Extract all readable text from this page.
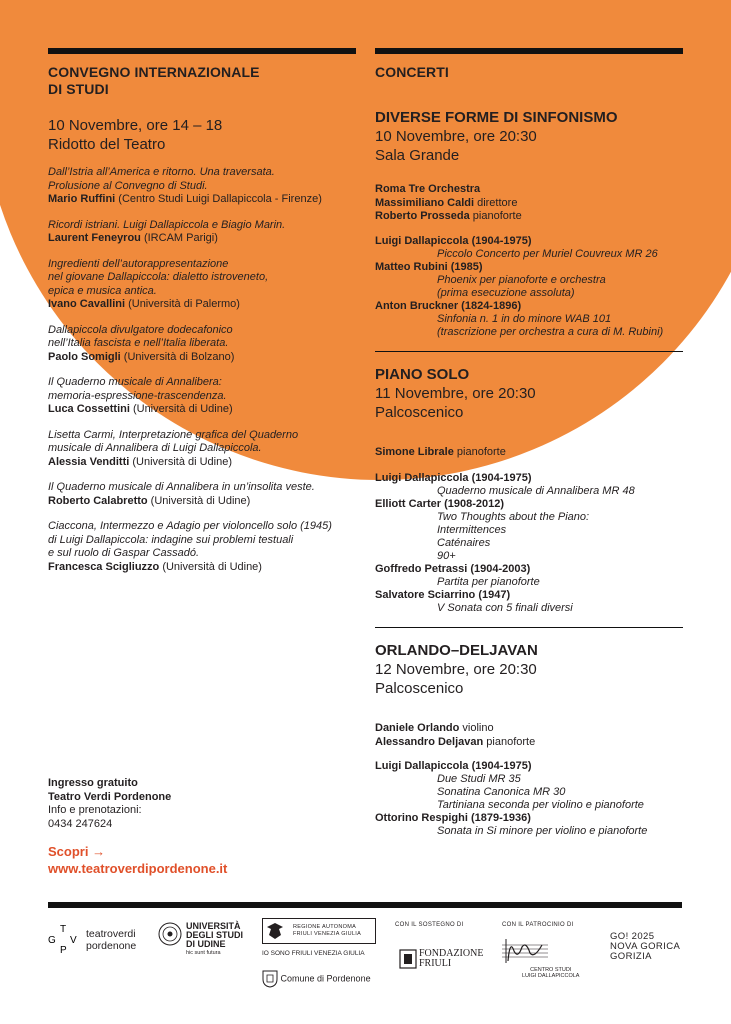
CONVEGNO INTERNAZIONALE
DI STUDI
10 Novembre, ore 14 – 18
Ridotto del Teatro
Dall’Istria all’America e ritorno. Una traversata.
Prolusione al Convegno di Studi.
Mario Ruffini (Centro Studi Luigi Dallapiccola - Firenze)
Ricordi istriani. Luigi Dallapiccola e Biagio Marin.
Laurent Feneyrou (IRCAM Parigi)
Ingredienti dell’autorappresentazione
nel giovane Dallapiccola: dialetto istroveneto,
epica e musica antica.
Ivano Cavallini (Università di Palermo)
Dallapiccola divulgatore dodecafonico
nell’Italia fascista e nell’Italia liberata.
Paolo Somigli (Università di Bolzano)
Il Quaderno musicale di Annalibera:
memoria-espressione-trascendenza.
Luca Cossettini (Università di Udine)
Lisetta Carmi, Interpretazione grafica del Quaderno
musicale di Annalibera di Luigi Dallapiccola.
Alessia Venditti (Università di Udine)
Il Quaderno musicale di Annalibera in un’insolita veste.
Roberto Calabretto (Università di Udine)
Ciaccona, Intermezzo e Adagio per violoncello solo (1945)
di Luigi Dallapiccola: indagine sui problemi testuali
e sul ruolo di Gaspar Cassadó.
Francesca Scigliuzzo (Università di Udine)
CONCERTI
DIVERSE FORME DI SINFONISMO
10 Novembre, ore 20:30
Sala Grande
Roma Tre Orchestra
Massimiliano Caldi direttore
Roberto Prosseda pianoforte
Luigi Dallapiccola (1904-1975)
Piccolo Concerto per Muriel Couvreux MR 26
Matteo Rubini (1985)
Phoenix per pianoforte e orchestra
(prima esecuzione assoluta)
Anton Bruckner (1824-1896)
Sinfonia n. 1 in do minore WAB 101
(trascrizione per orchestra a cura di M. Rubini)
PIANO SOLO
11 Novembre, ore 20:30
Palcoscenico
Simone Librale pianoforte
Luigi Dallapiccola (1904-1975)
Quaderno musicale di Annalibera MR 48
Elliott Carter (1908-2012)
Two Thoughts about the Piano:
Intermittences
Caténaires
90+
Goffredo Petrassi (1904-2003)
Partita per pianoforte
Salvatore Sciarrino (1947)
V Sonata con 5 finali diversi
ORLANDO–DELJAVAN
12 Novembre, ore 20:30
Palcoscenico
Daniele Orlando violino
Alessandro Deljavan pianoforte
Luigi Dallapiccola (1904-1975)
Due Studi MR 35
Sonatina Canonica MR 30
Tartiniana seconda per violino e pianoforte
Ottorino Respighi (1879-1936)
Sonata in Si minore per violino e pianoforte
Ingresso gratuito
Teatro Verdi Pordenone
Info e prenotazioni:
0434 247624
Scopri →
www.teatroverdipordenone.it
T
G V
P
teatroverdi
pordenone
UNIVERSITÀ
DEGLI STUDI
DI UDINE
hic sunt futura
REGIONE AUTONOMA
FRIULI VENEZIA GIULIA
IO SONO FRIULI VENEZIA GIULIA
Comune di Pordenone
CON IL SOSTEGNO DI
FONDAZIONE
FRIULI
CON IL PATROCINIO DI
CENTRO STUDI
LUIGI DALLAPICCOLA
GO! 2025
NOVA GORICA
GORIZIA
